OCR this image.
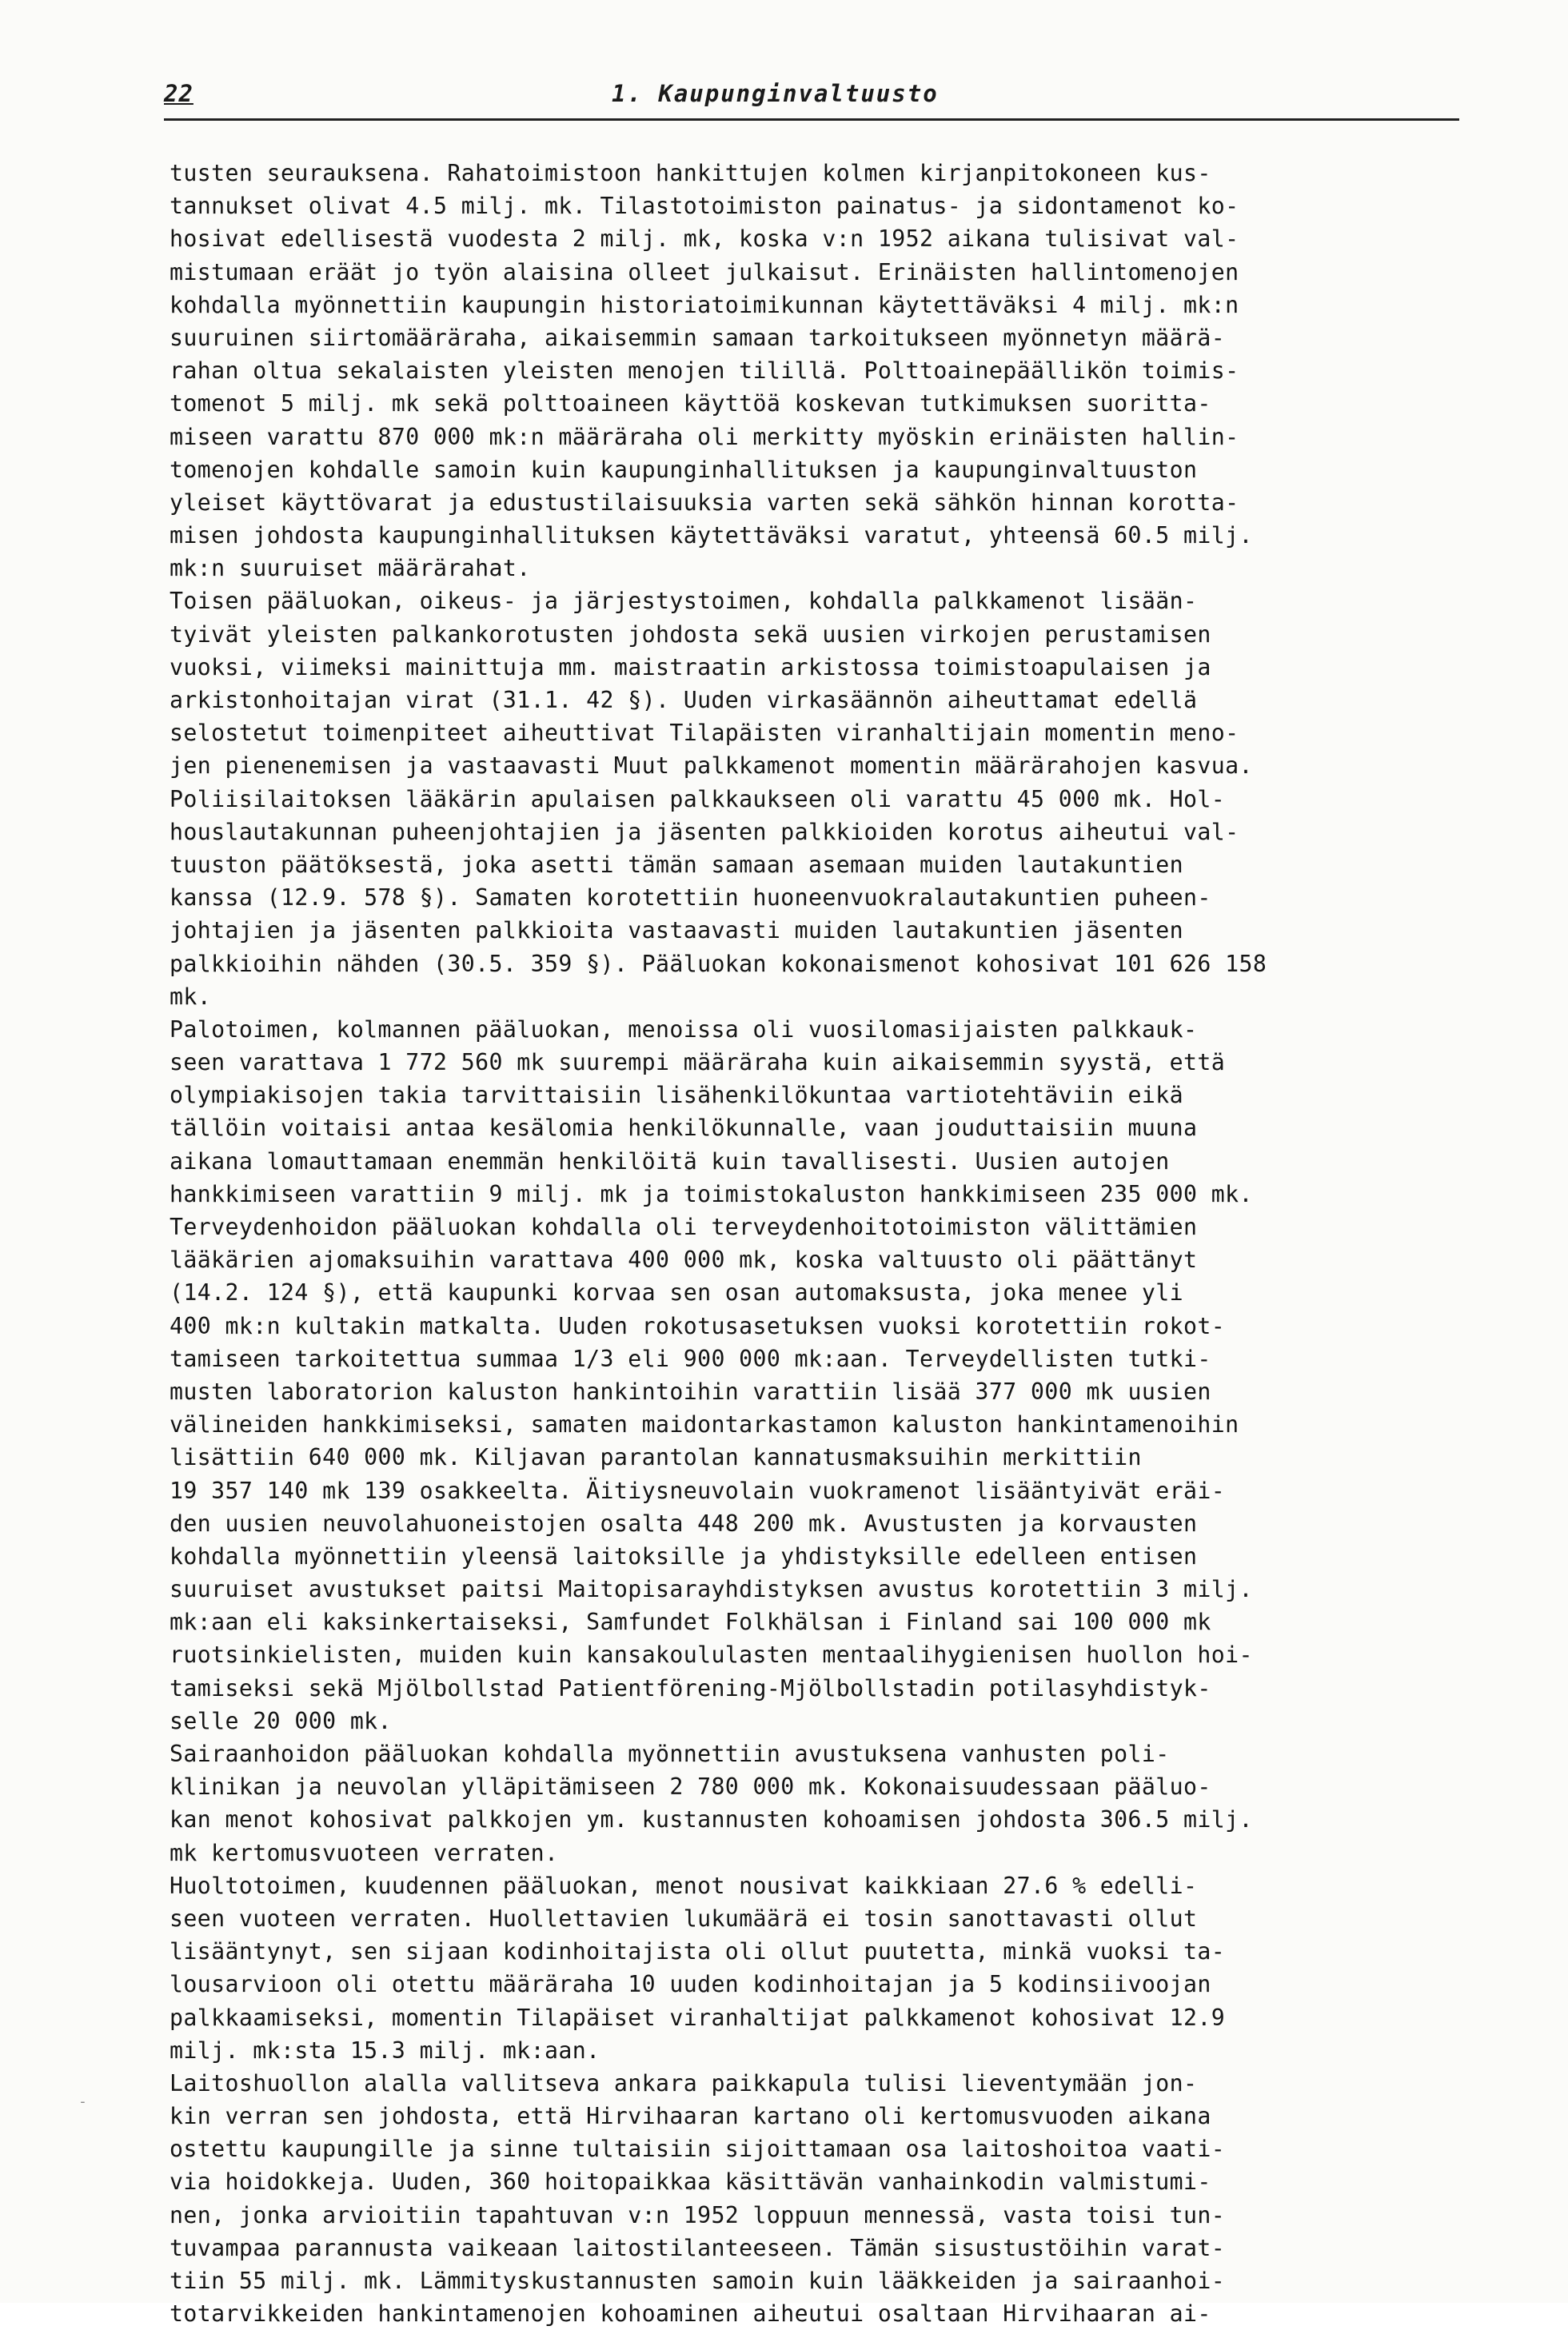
22	1. Kaupunginvaltuusto
tusten seurauksena. Rahatoimistoon hankittujen kolmen kirjanpitokoneen kus-
tannukset olivat 4.5 milj. mk. Tilastotoimiston painatus- ja sidontamenot ko-
hosivat edellisestä vuodesta 2 milj. mk, koska v:n 1952 aikana tulisivat val-
mistumaan eräät jo työn alaisina olleet julkaisut. Erinäisten hallintomenojen
kohdalla myönnettiin kaupungin historiatoimikunnan käytettäväksi 4 milj. mk:n
suuruinen siirtomääräraha, aikaisemmin samaan tarkoitukseen myönnetyn määrä-
rahan oltua sekalaisten yleisten menojen tilillä. Polttoainepäällikön toimis-
tomenot 5 milj. mk sekä polttoaineen käyttöä koskevan tutkimuksen suoritta-
miseen varattu 870 000 mk:n määräraha oli merkitty myöskin erinäisten hallin-
tomenojen kohdalle samoin kuin kaupunginhallituksen ja kaupunginvaltuuston
yleiset käyttövarat ja edustustilaisuuksia varten sekä sähkön hinnan korotta-
misen johdosta kaupunginhallituksen käytettäväksi varatut, yhteensä 60.5 milj.
mk:n suuruiset määrärahat.
Toisen pääluokan, oikeus- ja järjestystoimen, kohdalla palkkamenot lisään-
tyivät yleisten palkankorotusten johdosta sekä uusien virkojen perustamisen
vuoksi, viimeksi mainittuja mm. maistraatin arkistossa toimistoapulaisen ja
arkistonhoitajan virat (31.1. 42 §). Uuden virkasäännön aiheuttamat edellä
selostetut toimenpiteet aiheuttivat Tilapäisten viranhaltijain momentin meno-
jen pienenemisen ja vastaavasti Muut palkkamenot momentin määrärahojen kasvua.
Poliisilaitoksen lääkärin apulaisen palkkaukseen oli varattu 45 000 mk. Hol-
houslautakunnan puheenjohtajien ja jäsenten palkkioiden korotus aiheutui val-
tuuston päätöksestä, joka asetti tämän samaan asemaan muiden lautakuntien
kanssa (12.9. 578 §). Samaten korotettiin huoneenvuokralautakuntien puheen-
johtajien ja jäsenten palkkioita vastaavasti muiden lautakuntien jäsenten
palkkioihin nähden (30.5. 359 §). Pääluokan kokonaismenot kohosivat 101 626 158
mk.
Palotoimen, kolmannen pääluokan, menoissa oli vuosilomasijaisten palkkauk-
seen varattava 1 772 560 mk suurempi määräraha kuin aikaisemmin syystä, että
olympiakisojen takia tarvittaisiin lisähenkilökuntaa vartiotehtäviin eikä
tällöin voitaisi antaa kesälomia henkilökunnalle, vaan jouduttaisiin muuna
aikana lomauttamaan enemmän henkilöitä kuin tavallisesti. Uusien autojen
hankkimiseen varattiin 9 milj. mk ja toimistokaluston hankkimiseen 235 000 mk.
Terveydenhoidon pääluokan kohdalla oli terveydenhoitotoimiston välittämien
lääkärien ajomaksuihin varattava 400 000 mk, koska valtuusto oli päättänyt
(14.2. 124 §), että kaupunki korvaa sen osan automaksusta, joka menee yli
400 mk:n kultakin matkalta. Uuden rokotusasetuksen vuoksi korotettiin rokot-
tamiseen tarkoitettua summaa 1/3 eli 900 000 mk:aan. Terveydellisten tutki-
musten laboratorion kaluston hankintoihin varattiin lisää 377 000 mk uusien
välineiden hankkimiseksi, samaten maidontarkastamon kaluston hankintamenoihin
lisättiin 640 000 mk. Kiljavan parantolan kannatusmaksuihin merkittiin
19 357 140 mk 139 osakkeelta. Äitiysneuvolain vuokramenot lisääntyivät eräi-
den uusien neuvolahuoneistojen osalta 448 200 mk. Avustusten ja korvausten
kohdalla myönnettiin yleensä laitoksille ja yhdistyksille edelleen entisen
suuruiset avustukset paitsi Maitopisarayhdistyksen avustus korotettiin 3 milj.
mk:aan eli kaksinkertaiseksi, Samfundet Folkhälsan i Finland sai 100 000 mk
ruotsinkielisten, muiden kuin kansakoululasten mentaalihygienisen huollon hoi-
tamiseksi sekä Mjölbollstad Patientförening-Mjölbollstadin potilasyhdistyk-
selle 20 000 mk.
Sairaanhoidon pääluokan kohdalla myönnettiin avustuksena vanhusten poli-
klinikan ja neuvolan ylläpitämiseen 2 780 000 mk. Kokonaisuudessaan pääluo-
kan menot kohosivat palkkojen ym. kustannusten kohoamisen johdosta 306.5 milj.
mk kertomusvuoteen verraten.
Huoltotoimen, kuudennen pääluokan, menot nousivat kaikkiaan 27.6 % edelli-
seen vuoteen verraten. Huollettavien lukumäärä ei tosin sanottavasti ollut
lisääntynyt, sen sijaan kodinhoitajista oli ollut puutetta, minkä vuoksi ta-
lousarvioon oli otettu määräraha 10 uuden kodinhoitajan ja 5 kodinsiivoojan
palkkaamiseksi, momentin Tilapäiset viranhaltijat palkkamenot kohosivat 12.9
milj. mk:sta 15.3 milj. mk:aan.
Laitoshuollon alalla vallitseva ankara paikkapula tulisi lieventymään jon-
kin verran sen johdosta, että Hirvihaaran kartano oli kertomusvuoden aikana
ostettu kaupungille ja sinne tultaisiin sijoittamaan osa laitoshoitoa vaati-
via hoidokkeja. Uuden, 360 hoitopaikkaa käsittävän vanhainkodin valmistumi-
nen, jonka arvioitiin tapahtuvan v:n 1952 loppuun mennessä, vasta toisi tun-
tuvampaa parannusta vaikeaan laitostilanteeseen. Tämän sisustustöihin varat-
tiin 55 milj. mk. Lämmityskustannusten samoin kuin lääkkeiden ja sairaanhoi-
totarvikkeiden hankintamenojen kohoaminen aiheutui osaltaan Hirvihaaran ai-
-
